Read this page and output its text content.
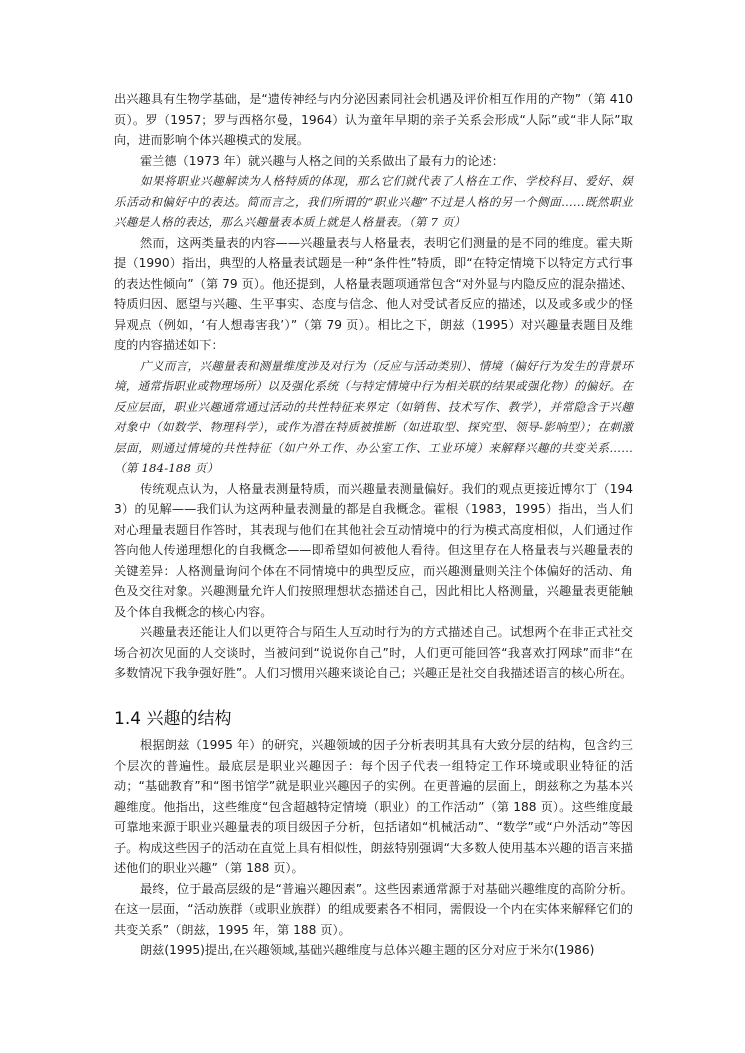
出兴趣具有生物学基础，是“遗传神经与内分泌因素同社会机遇及评价相互作用的产物”（第 410 页）。罗（1957；罗与西格尔曼，1964）认为童年早期的亲子关系会形成“人际”或“非人际”取向，进而影响个体兴趣模式的发展。

霍兰德（1973 年）就兴趣与人格之间的关系做出了最有力的论述：

如果将职业兴趣解读为人格特质的体现，那么它们就代表了人格在工作、学校科目、爱好、娱乐活动和偏好中的表达。简而言之，我们所谓的“职业兴趣”不过是人格的另一个侧面……既然职业兴趣是人格的表达，那么兴趣量表本质上就是人格量表。（第 7 页）

然而，这两类量表的内容——兴趣量表与人格量表，表明它们测量的是不同的维度。霍夫斯提（1990）指出，典型的人格量表试题是一种“条件性”特质，即“在特定情境下以特定方式行事的表达性倾向”（第 79 页）。他还提到，人格量表题项通常包含“对外显与内隐反应的混杂描述、特质归因、愿望与兴趣、生平事实、态度与信念、他人对受试者反应的描述，以及或多或少的怪异观点（例如，‘有人想毒害我’）”（第 79 页）。相比之下，朗兹（1995）对兴趣量表题目及维度的内容描述如下：

广义而言，兴趣量表和测量维度涉及对行为（反应与活动类别）、情境（偏好行为发生的背景环境，通常指职业或物理场所）以及强化系统（与特定情境中行为相关联的结果或强化物）的偏好。在反应层面，职业兴趣通常通过活动的共性特征来界定（如销售、技术写作、教学），并常隐含于兴趣对象中（如数学、物理科学），或作为潜在特质被推断（如进取型、探究型、领导-影响型）；在刺激层面，则通过情境的共性特征（如户外工作、办公室工作、工业环境）来解释兴趣的共变关系……（第 184-188 页）

传统观点认为，人格量表测量特质，而兴趣量表测量偏好。我们的观点更接近博尔丁（1943）的见解——我们认为这两种量表测量的都是自我概念。霍根（1983，1995）指出，当人们对心理量表题目作答时，其表现与他们在其他社会互动情境中的行为模式高度相似，人们通过作答向他人传递理想化的自我概念——即希望如何被他人看待。但这里存在人格量表与兴趣量表的关键差异：人格测量询问个体在不同情境中的典型反应，而兴趣测量则关注个体偏好的活动、角色及交往对象。兴趣测量允许人们按照理想状态描述自己，因此相比人格测量，兴趣量表更能触及个体自我概念的核心内容。

兴趣量表还能让人们以更符合与陌生人互动时行为的方式描述自己。试想两个在非正式社交场合初次见面的人交谈时，当被问到“说说你自己”时，人们更可能回答“我喜欢打网球”而非“在多数情况下我争强好胜”。人们习惯用兴趣来谈论自己；兴趣正是社交自我描述语言的核心所在。

1.4 兴趣的结构

根据朗兹（1995 年）的研究，兴趣领域的因子分析表明其具有大致分层的结构，包含约三个层次的普遍性。最底层是职业兴趣因子：每个因子代表一组特定工作环境或职业特征的活动；“基础教育”和“图书馆学”就是职业兴趣因子的实例。在更普遍的层面上，朗兹称之为基本兴趣维度。他指出，这些维度“包含超越特定情境（职业）的工作活动”（第 188 页）。这些维度最可靠地来源于职业兴趣量表的项目级因子分析，包括诸如“机械活动”、“数学”或“户外活动”等因子。构成这些因子的活动在直觉上具有相似性，朗兹特别强调“大多数人使用基本兴趣的语言来描述他们的职业兴趣”（第 188 页）。

最终，位于最高层级的是“普遍兴趣因素”。这些因素通常源于对基础兴趣维度的高阶分析。在这一层面，“活动族群（或职业族群）的组成要素各不相同，需假设一个内在实体来解释它们的共变关系”（朗兹，1995 年，第 188 页）。

朗兹(1995)提出,在兴趣领域,基础兴趣维度与总体兴趣主题的区分对应于米尔(1986)
